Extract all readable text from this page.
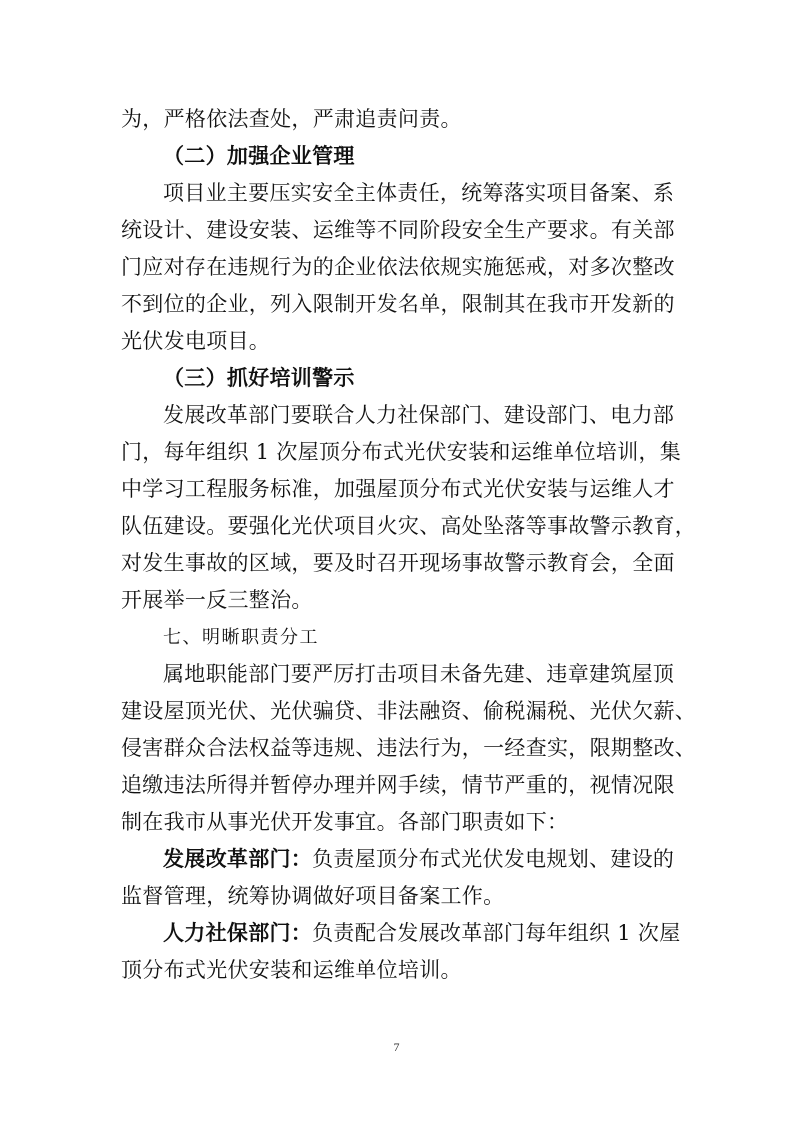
为，严格依法查处，严肃追责问责。
（二）加强企业管理
项目业主要压实安全主体责任，统筹落实项目备案、系
统设计、建设安装、运维等不同阶段安全生产要求。有关部
门应对存在违规行为的企业依法依规实施惩戒，对多次整改
不到位的企业，列入限制开发名单，限制其在我市开发新的
光伏发电项目。
（三）抓好培训警示
发展改革部门要联合人力社保部门、建设部门、电力部
门，每年组织 1 次屋顶分布式光伏安装和运维单位培训，集
中学习工程服务标准，加强屋顶分布式光伏安装与运维人才
队伍建设。要强化光伏项目火灾、高处坠落等事故警示教育，
对发生事故的区域，要及时召开现场事故警示教育会，全面
开展举一反三整治。
七、明晰职责分工
属地职能部门要严厉打击项目未备先建、违章建筑屋顶
建设屋顶光伏、光伏骗贷、非法融资、偷税漏税、光伏欠薪、
侵害群众合法权益等违规、违法行为，一经查实，限期整改、
追缴违法所得并暂停办理并网手续，情节严重的，视情况限
制在我市从事光伏开发事宜。各部门职责如下：
发展改革部门：负责屋顶分布式光伏发电规划、建设的
监督管理，统筹协调做好项目备案工作。
人力社保部门：负责配合发展改革部门每年组织 1 次屋
顶分布式光伏安装和运维单位培训。
7
